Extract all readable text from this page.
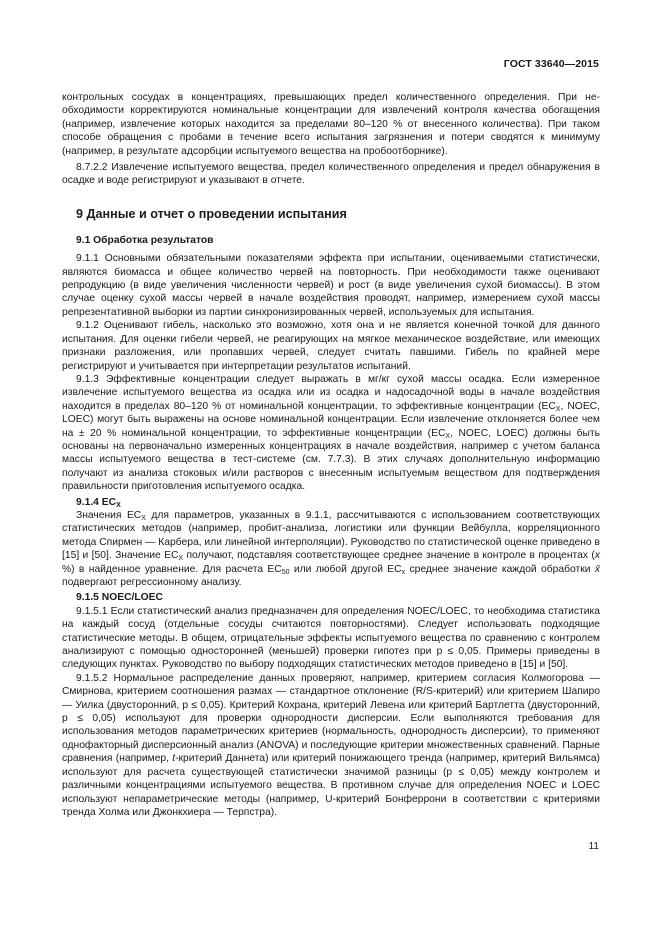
ГОСТ 33640—2015

контрольных сосудах в концентрациях, превышающих предел количественного определения. При необходимости корректируются номинальные концентрации для извлечений контроля качества обогащения (например, извлечение которых находится за пределами 80–120 % от внесенного количества). При таком способе обращения с пробами в течение всего испытания загрязнения и потери сводятся к минимуму (например, в результате адсорбции испытуемого вещества на пробоотборнике).

8.7.2.2 Извлечение испытуемого вещества, предел количественного определения и предел обнаружения в осадке и воде регистрируют и указывают в отчете.

9 Данные и отчет о проведении испытания
9.1 Обработка результатов

9.1.1 Основными обязательными показателями эффекта при испытании, оцениваемыми статистически, являются биомасса и общее количество червей на повторность. При необходимости также оценивают репродукцию (в виде увеличения численности червей) и рост (в виде увеличения сухой биомассы). В этом случае оценку сухой массы червей в начале воздействия проводят, например, измерением сухой массы репрезентативной выборки из партии синхронизированных червей, используемых для испытания.

9.1.2 Оценивают гибель, насколько это возможно, хотя она и не является конечной точкой для данного испытания. Для оценки гибели червей, не реагирующих на мягкое механическое воздействие, или имеющих признаки разложения, или пропавших червей, следует считать павшими. Гибель по крайней мере регистрируют и учитывается при интерпретации результатов испытаний.

9.1.3 Эффективные концентрации следует выражать в мг/кг сухой массы осадка. Если измеренное извлечение испытуемого вещества из осадка или из осадка и надосадочной воды в начале воздействия находится в пределах 80–120 % от номинальной концентрации, то эффективные концентрации ($EC_X$, NOEC, LOEC) могут быть выражены на основе номинальной концентрации. Если извлечение отклоняется более чем на ± 20 % номинальной концентрации, то эффективные концентрации ($EC_X$, NOEC, LOEC) должны быть основаны на первоначально измеренных концентрациях в начале воздействия, например с учетом баланса массы испытуемого вещества в тест-системе (см. 7.7.3). В этих случаях дополнительную информацию получают из анализа стоковых и/или растворов с внесенным испытуемым веществом для подтверждения правильности приготовления испытуемого осадка.

9.1.4 $EC_X$

Значения $EC_X$ для параметров, указанных в 9.1.1, рассчитываются с использованием соответствующих статистических методов (например, пробит-анализа, логистики или функции Вейбулла, корреляционного метода Спирмен — Карбера, или линейной интерполяции). Руководство по статистической оценке приведено в [15] и [50]. Значение $EC_X$ получают, подставляя соответствующее среднее значение в контроле в процентах (x %) в найденное уравнение. Для расчета $EC_{50}$ или любой другой $EC_x$ среднее значение каждой обработки x̄ подвергают регрессионному анализу.

9.1.5 NOEC/LOEC

9.1.5.1 Если статистический анализ предназначен для определения NOEC/LOEC, то необходима статистика на каждый сосуд (отдельные сосуды считаются повторностями). Следует использовать подходящие статистические методы. В общем, отрицательные эффекты испытуемого вещества по сравнению с контролем анализируют с помощью односторонней (меньшей) проверки гипотез при p ≤ 0,05. Примеры приведены в следующих пунктах. Руководство по выбору подходящих статистических методов приведено в [15] и [50].

9.1.5.2 Нормальное распределение данных проверяют, например, критерием согласия Колмогорова — Смирнова, критерием соотношения размах — стандартное отклонение (R/S-критерий) или критерием Шапиро — Уилка (двусторонний, p ≤ 0,05). Критерий Кохрана, критерий Левена или критерий Бартлетта (двусторонний, p ≤ 0,05) используют для проверки однородности дисперсии. Если выполняются требования для использования методов параметрических критериев (нормальность, однородность дисперсии), то применяют однофакторный дисперсионный анализ (ANOVA) и последующие критерии множественных сравнений. Парные сравнения (например, t-критерий Даннета) или критерий понижающего тренда (например, критерий Вильямса) используют для расчета существующей статистически значимой разницы (p ≤ 0,05) между контролем и различными концентрациями испытуемого вещества. В противном случае для определения NOEC и LOEC используют непараметрические методы (например, U-критерий Бонферрони в соответствии с критериями тренда Холма или Джонкхиера — Терпстра).

11
